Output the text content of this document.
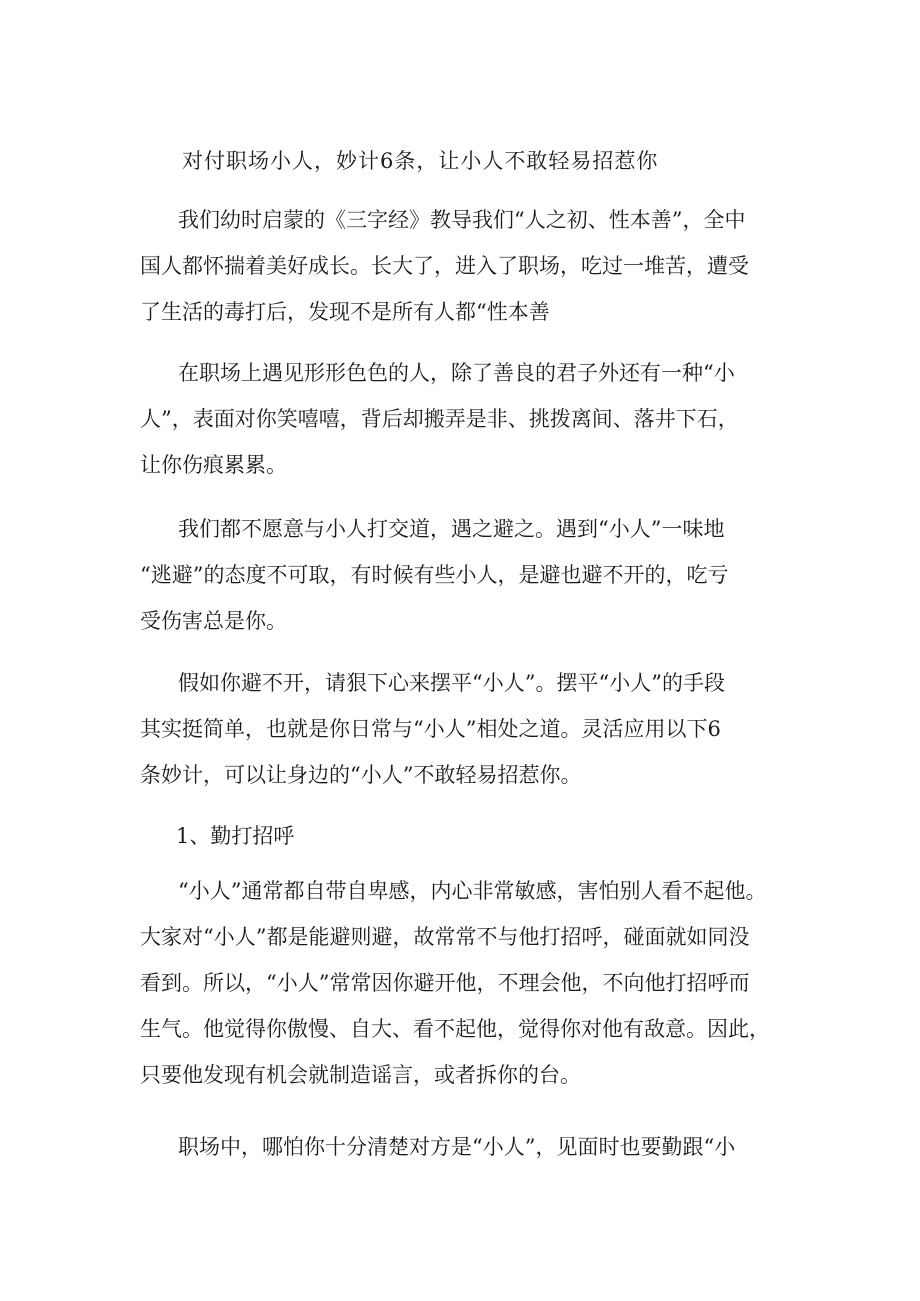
对付职场小人，妙计6条，让小人不敢轻易招惹你
我们幼时启蒙的《三字经》教导我们“人之初、性本善”，全中
国人都怀揣着美好成长。长大了，进入了职场，吃过一堆苦，遭受
了生活的毒打后，发现不是所有人都“性本善
在职场上遇见形形色色的人，除了善良的君子外还有一种“小
人”，表面对你笑嘻嘻，背后却搬弄是非、挑拨离间、落井下石，
让你伤痕累累。
我们都不愿意与小人打交道，遇之避之。遇到“小人”一味地
“逃避”的态度不可取，有时候有些小人，是避也避不开的，吃亏
受伤害总是你。
假如你避不开，请狠下心来摆平“小人”。摆平“小人”的手段
其实挺简单，也就是你日常与“小人”相处之道。灵活应用以下6
条妙计，可以让身边的“小人”不敢轻易招惹你。
1、勤打招呼
“小人”通常都自带自卑感，内心非常敏感，害怕别人看不起他。
大家对“小人”都是能避则避，故常常不与他打招呼，碰面就如同没
看到。所以，“小人”常常因你避开他，不理会他，不向他打招呼而
生气。他觉得你傲慢、自大、看不起他，觉得你对他有敌意。因此，
只要他发现有机会就制造谣言，或者拆你的台。
职场中，哪怕你十分清楚对方是“小人”，见面时也要勤跟“小
